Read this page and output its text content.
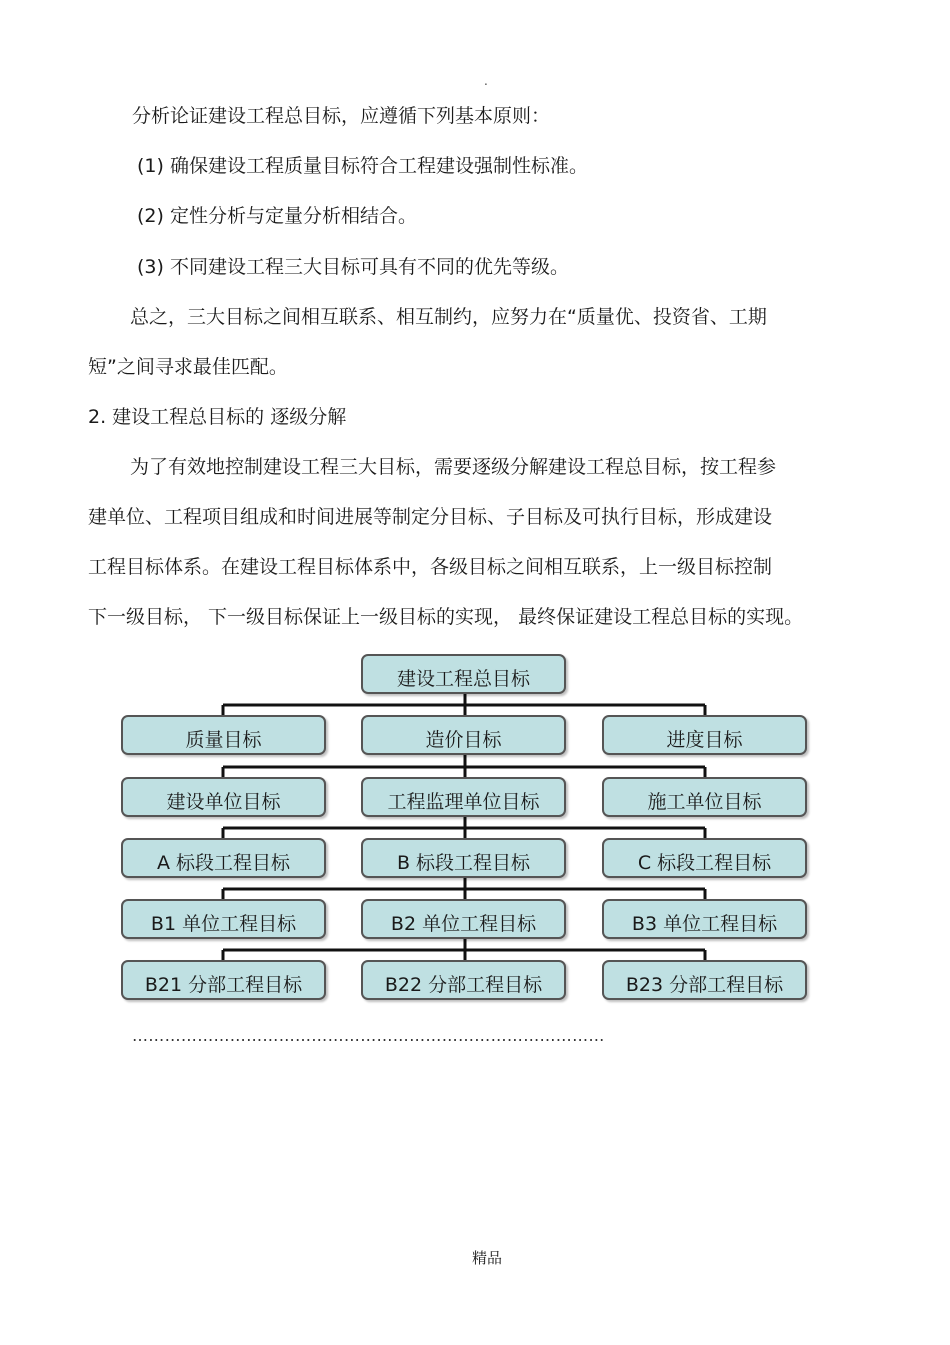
.
分析论证建设工程总目标，应遵循下列基本原则：
(1) 确保建设工程质量目标符合工程建设强制性标准。
(2) 定性分析与定量分析相结合。
(3) 不同建设工程三大目标可具有不同的优先等级。
总之，三大目标之间相互联系、相互制约，应努力在“质量优、投资省、工期
短”之间寻求最佳匹配。
2. 建设工程总目标的 逐级分解
为了有效地控制建设工程三大目标，需要逐级分解建设工程总目标，按工程参
建单位、工程项目组成和时间进展等制定分目标、子目标及可执行目标，形成建设
工程目标体系。在建设工程目标体系中，各级目标之间相互联系，上一级目标控制
下一级目标， 下一级目标保证上一级目标的实现， 最终保证建设工程总目标的实现。
建设工程总目标
质量目标	造价目标	进度目标
建设单位目标	工程监理单位目标	施工单位目标
A 标段工程目标	B 标段工程目标	C 标段工程目标
B1 单位工程目标	B2 单位工程目标	B3 单位工程目标
B21 分部工程目标	B22 分部工程目标	B23 分部工程目标
……………………………………………………………………………
精品
